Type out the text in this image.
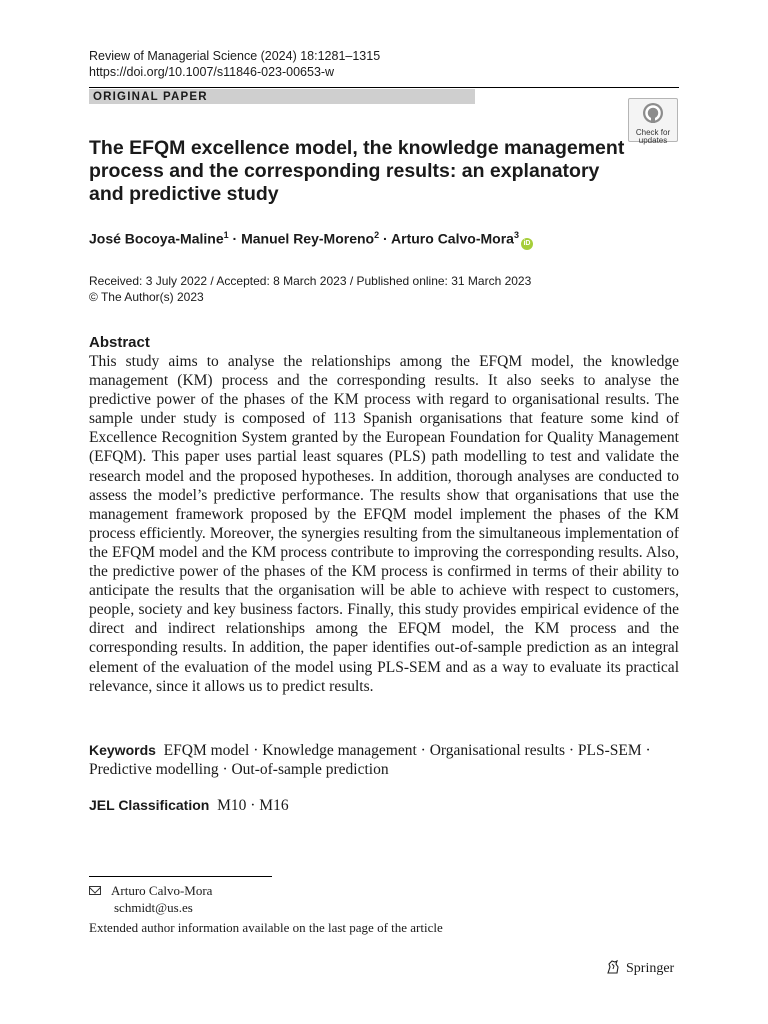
Review of Managerial Science (2024) 18:1281–1315
https://doi.org/10.1007/s11846-023-00653-w
ORIGINAL PAPER
Check for
updates
The EFQM excellence model, the knowledge management process and the corresponding results: an explanatory and predictive study
José Bocoya‑Maline$^1$ · Manuel Rey‑Moreno$^2$ · Arturo Calvo‑Mora$^3$iD
Received: 3 July 2022 / Accepted: 8 March 2023 / Published online: 31 March 2023
© The Author(s) 2023
Abstract
This study aims to analyse the relationships among the EFQM model, the knowledge management (KM) process and the corresponding results. It also seeks to analyse the predictive power of the phases of the KM process with regard to organisational results. The sample under study is composed of 113 Spanish organisations that feature some kind of Excellence Recognition System granted by the European Foundation for Quality Management (EFQM). This paper uses partial least squares (PLS) path modelling to test and validate the research model and the proposed hypotheses. In addition, thorough analyses are conducted to assess the model’s predictive performance. The results show that organisations that use the management framework proposed by the EFQM model implement the phases of the KM process efficiently. Moreover, the synergies resulting from the simultaneous implementation of the EFQM model and the KM process contribute to improving the corresponding results. Also, the predictive power of the phases of the KM process is confirmed in terms of their ability to anticipate the results that the organisation will be able to achieve with respect to customers, people, society and key business factors. Finally, this study provides empirical evidence of the direct and indirect relationships among the EFQM model, the KM process and the corresponding results. In addition, the paper identifies out-of-sample prediction as an integral element of the evaluation of the model using PLS-SEM and as a way to evaluate its practical relevance, since it allows us to predict results.
Keywords EFQM model · Knowledge management · Organisational results · PLS-SEM · Predictive modelling · Out-of-sample prediction
JEL Classification M10 · M16
Arturo Calvo-Mora
schmidt@us.es
Extended author information available on the last page of the article
Springer
